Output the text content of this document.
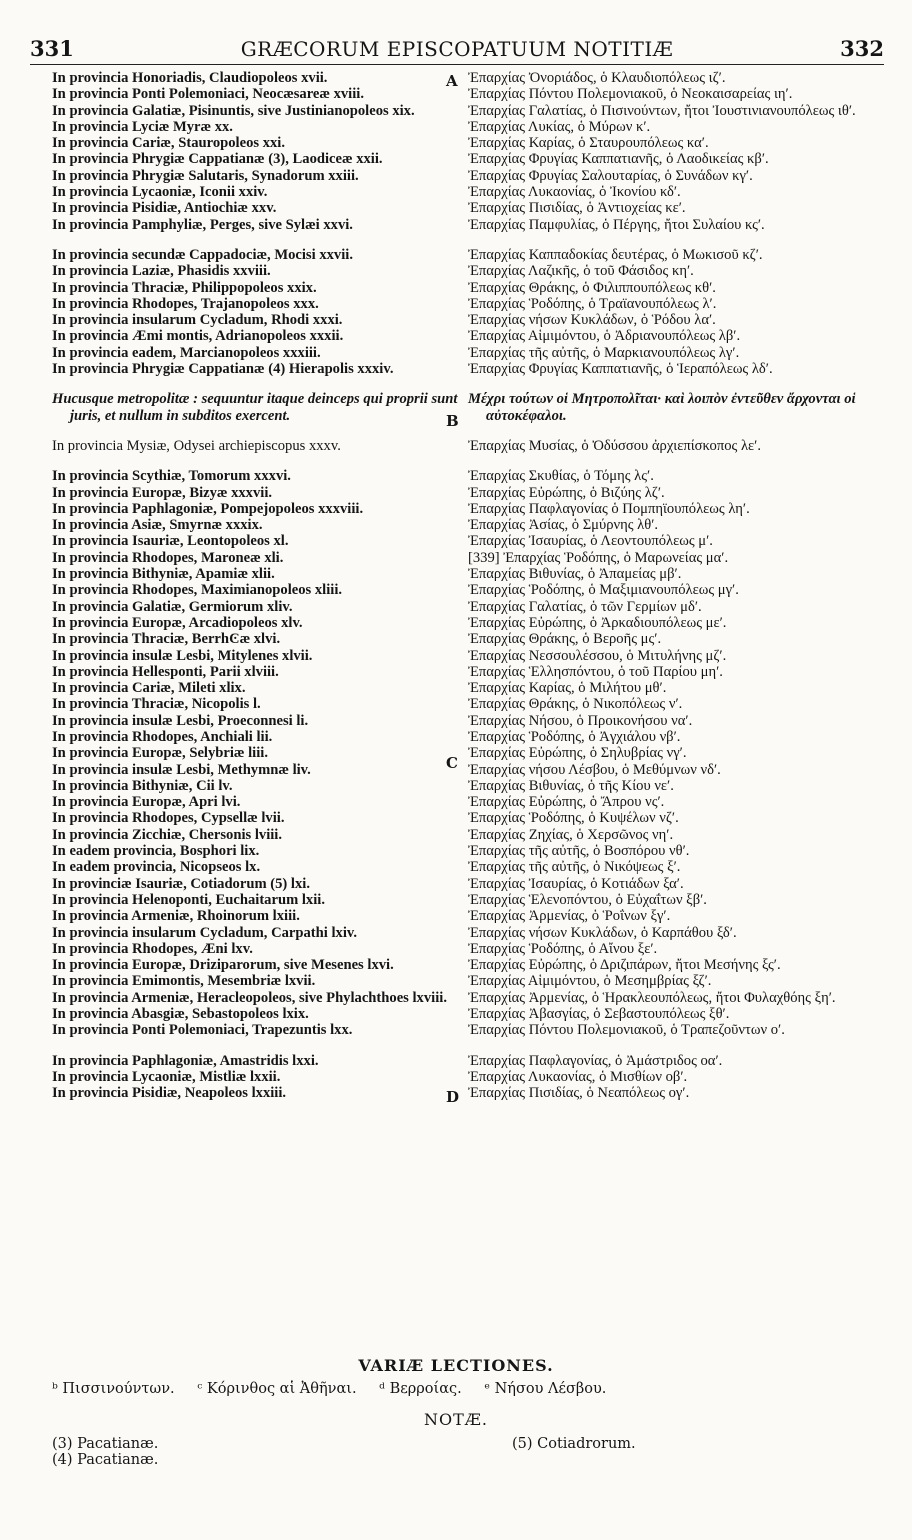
331	GRÆCORUM EPISCOPATUUM NOTITIÆ	332
A
B
C
D
In provincia Honoriadis, Claudiopoleos xvii.
In provincia Ponti Polemoniaci, Neocæsareæ xviii.
In provincia Galatiæ, Pisinuntis, sive Justinianopoleos xix.
In provincia Lyciæ Myræ xx.
In provincia Cariæ, Stauropoleos xxi.
In provincia Phrygiæ Cappatianæ (3), Laodiceæ xxii.
In provincia Phrygiæ Salutaris, Synadorum xxiii.
In provincia Lycaoniæ, Iconii xxiv.
In provincia Pisidiæ, Antiochiæ xxv.
In provincia Pamphyliæ, Perges, sive Sylæi xxvi.
In provincia secundæ Cappadociæ, Mocisi xxvii.
In provincia Laziæ, Phasidis xxviii.
In provincia Thraciæ, Philippopoleos xxix.
In provincia Rhodopes, Trajanopoleos xxx.
In provincia insularum Cycladum, Rhodi xxxi.
In provincia Æmi montis, Adrianopoleos xxxii.
In provincia eadem, Marcianopoleos xxxiii.
In provincia Phrygiæ Cappatianæ (4) Hierapolis xxxiv.
Hucusque metropolitæ : sequuntur itaque deinceps qui proprii sunt juris, et nullum in subditos exercent.
In provincia Mysiæ, Odysei archiepiscopus xxxv.
In provincia Scythiæ, Tomorum xxxvi.
In provincia Europæ, Bizyæ xxxvii.
In provincia Paphlagoniæ, Pompejopoleos xxxviii.
In provincia Asiæ, Smyrnæ xxxix.
In provincia Isauriæ, Leontopoleos xl.
In provincia Rhodopes, Maroneæ xli.
In provincia Bithyniæ, Apamiæ xlii.
In provincia Rhodopes, Maximianopoleos xliii.
In provincia Galatiæ, Germiorum xliv.
In provincia Europæ, Arcadiopoleos xlv.
In provincia Thraciæ, BerrhϾæ xlvi.
In provincia insulæ Lesbi, Mitylenes xlvii.
In provincia Hellesponti, Parii xlviii.
In provincia Cariæ, Mileti xlix.
In provincia Thraciæ, Nicopolis l.
In provincia insulæ Lesbi, Proeconnesi li.
In provincia Rhodopes, Anchiali lii.
In provincia Europæ, Selybriæ liii.
In provincia insulæ Lesbi, Methymnæ liv.
In provincia Bithyniæ, Cii lv.
In provincia Europæ, Apri lvi.
In provincia Rhodopes, Cypsellæ lvii.
In provincia Zicchiæ, Chersonis lviii.
In eadem provincia, Bosphori lix.
In eadem provincia, Nicopseos lx.
In provinciæ Isauriæ, Cotiadorum (5) lxi.
In provincia Helenoponti, Euchaitarum lxii.
In provincia Armeniæ, Rhoinorum lxiii.
In provincia insularum Cycladum, Carpathi lxiv.
In provincia Rhodopes, Æni lxv.
In provincia Europæ, Driziparorum, sive Mesenes lxvi.
In provincia Emimontis, Mesembriæ lxvii.
In provincia Armeniæ, Heracleopoleos, sive Phylachthoes lxviii.
In provincia Abasgiæ, Sebastopoleos lxix.
In provincia Ponti Polemoniaci, Trapezuntis lxx.
In provincia Paphlagoniæ, Amastridis lxxi.
In provincia Lycaoniæ, Mistliæ lxxii.
In provincia Pisidiæ, Neapoleos lxxiii.
Ἐπαρχίας Ὀνοριάδος, ὁ Κλαυδιοπόλεως ιζʹ.
Ἐπαρχίας Πόντου Πολεμονιακοῦ, ὁ Νεοκαισαρείας ιηʹ.
Ἐπαρχίας Γαλατίας, ὁ Πισινούντων, ἤτοι Ἰουστινιανουπόλεως ιθʹ.
Ἐπαρχίας Λυκίας, ὁ Μύρων κʹ.
Ἐπαρχίας Καρίας, ὁ Σταυρουπόλεως καʹ.
Ἐπαρχίας Φρυγίας Καππατιανῆς, ὁ Λαοδικείας κβʹ.
Ἐπαρχίας Φρυγίας Σαλουταρίας, ὁ Συνάδων κγʹ.
Ἐπαρχίας Λυκαονίας, ὁ Ἰκονίου κδʹ.
Ἐπαρχίας Πισιδίας, ὁ Ἀντιοχείας κεʹ.
Ἐπαρχίας Παμφυλίας, ὁ Πέργης, ἤτοι Συλαίου κςʹ.
Ἐπαρχίας Καππαδοκίας δευτέρας, ὁ Μωκισοῦ κζʹ.
Ἐπαρχίας Λαζικῆς, ὁ τοῦ Φάσιδος κηʹ.
Ἐπαρχίας Θράκης, ὁ Φιλιππουπόλεως κθʹ.
Ἐπαρχίας Ῥοδόπης, ὁ Τραϊανουπόλεως λʹ.
Ἐπαρχίας νήσων Κυκλάδων, ὁ Ῥόδου λαʹ.
Ἐπαρχίας Αἱμιμόντου, ὁ Ἀδριανουπόλεως λβʹ.
Ἐπαρχίας τῆς αὐτῆς, ὁ Μαρκιανουπόλεως λγʹ.
Ἐπαρχίας Φρυγίας Καππατιανῆς, ὁ Ἱεραπόλεως λδʹ.
Μέχρι τούτων οἱ Μητροπολῖται· καὶ λοιπὸν ἐντεῦθεν ἄρχονται οἱ αὐτοκέφαλοι.
Ἐπαρχίας Μυσίας, ὁ Ὀδύσσου ἀρχιεπίσκοπος λεʹ.
Ἐπαρχίας Σκυθίας, ὁ Τόμης λςʹ.
Ἐπαρχίας Εὐρώπης, ὁ Βιζύης λζʹ.
Ἐπαρχίας Παφλαγονίας ὁ Πομπηϊουπόλεως ληʹ.
Ἐπαρχίας Ἀσίας, ὁ Σμύρνης λθʹ.
Ἐπαρχίας Ἰσαυρίας, ὁ Λεοντουπόλεως μʹ.
[339] Ἐπαρχίας Ῥοδόπης, ὁ Μαρωνείας μαʹ.
Ἐπαρχίας Βιθυνίας, ὁ Ἀπαμείας μβʹ.
Ἐπαρχίας Ῥοδόπης, ὁ Μαξιμιανουπόλεως μγʹ.
Ἐπαρχίας Γαλατίας, ὁ τῶν Γερμίων μδʹ.
Ἐπαρχίας Εὐρώπης, ὁ Ἀρκαδιουπόλεως μεʹ.
Ἐπαρχίας Θράκης, ὁ Βεροῆς μςʹ.
Ἐπαρχίας Νεσσουλέσσου, ὁ Μιτυλήνης μζʹ.
Ἐπαρχίας Ἑλλησπόντου, ὁ τοῦ Παρίου μηʹ.
Ἐπαρχίας Καρίας, ὁ Μιλήτου μθʹ.
Ἐπαρχίας Θράκης, ὁ Νικοπόλεως νʹ.
Ἐπαρχίας Νήσου, ὁ Προικονήσου ναʹ.
Ἐπαρχίας Ῥοδόπης, ὁ Ἀγχιάλου νβʹ.
Ἐπαρχίας Εὐρώπης, ὁ Σηλυβρίας νγʹ.
Ἐπαρχίας νήσου Λέσβου, ὁ Μεθύμνων νδʹ.
Ἐπαρχίας Βιθυνίας, ὁ τῆς Κίου νεʹ.
Ἐπαρχίας Εὐρώπης, ὁ Ἄπρου νςʹ.
Ἐπαρχίας Ῥοδόπης, ὁ Κυψέλων νζʹ.
Ἐπαρχίας Ζηχίας, ὁ Χερσῶνος νηʹ.
Ἐπαρχίας τῆς αὐτῆς, ὁ Βοσπόρου νθʹ.
Ἐπαρχίας τῆς αὐτῆς, ὁ Νικόψεως ξʹ.
Ἐπαρχίας Ἰσαυρίας, ὁ Κοτιάδων ξαʹ.
Ἐπαρχίας Ἑλενοπόντου, ὁ Εὐχαΐτων ξβʹ.
Ἐπαρχίας Ἀρμενίας, ὁ Ῥοΐνων ξγʹ.
Ἐπαρχίας νήσων Κυκλάδων, ὁ Καρπάθου ξδʹ.
Ἐπαρχίας Ῥοδόπης, ὁ Αἴνου ξεʹ.
Ἐπαρχίας Εὐρώπης, ὁ Δριζιπάρων, ἤτοι Μεσήνης ξςʹ.
Ἐπαρχίας Αἱμιμόντου, ὁ Μεσημβρίας ξζʹ.
Ἐπαρχίας Ἀρμενίας, ὁ Ἡρακλεουπόλεως, ἤτοι Φυλαχθόης ξηʹ.
Ἐπαρχίας Ἀβασγίας, ὁ Σεβαστουπόλεως ξθʹ.
Ἐπαρχίας Πόντου Πολεμονιακοῦ, ὁ Τραπεζοῦντων οʹ.
Ἐπαρχίας Παφλαγονίας, ὁ Ἀμάστριδος οαʹ.
Ἐπαρχίας Λυκαονίας, ὁ Μισθίων οβʹ.
Ἐπαρχίας Πισιδίας, ὁ Νεαπόλεως ογʹ.
VARIÆ LECTIONES.
ᵇ Πισσινούντων. ᶜ Κόρινθος αἱ Ἀθῆναι. ᵈ Βερροίας. ᵉ Νήσου Λέσβου.
NOTÆ.
(3) Pacatianæ.
(4) Pacatianæ.
(5) Cotiadrorum.
